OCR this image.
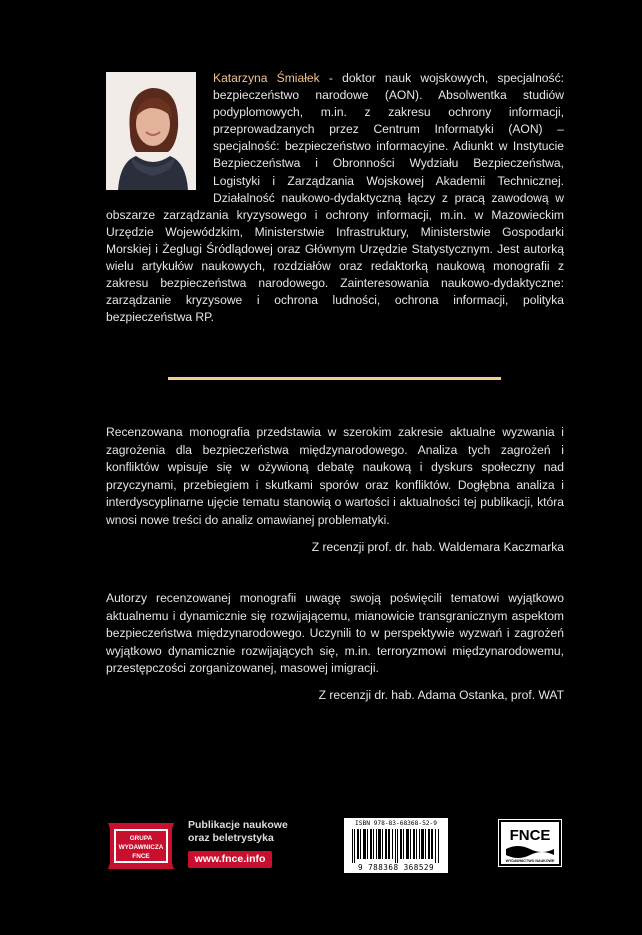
Katarzyna Śmiałek - doktor nauk wojskowych, specjalność: bezpieczeństwo narodowe (AON). Absolwentka studiów podyplomowych, m.in. z zakresu ochrony informacji, przeprowadzanych przez Centrum Informatyki (AON) – specjalność: bezpieczeństwo informacyjne. Adiunkt w Instytucie Bezpieczeństwa i Obronności Wydziału Bezpieczeństwa, Logistyki i Zarządzania Wojskowej Akademii Technicznej. Działalność naukowo-dydaktyczną łączy z pracą zawodową w obszarze zarządzania kryzysowego i ochrony informacji, m.in. w Mazowieckim Urzędzie Wojewódzkim, Ministerstwie Infrastruktury, Ministerstwie Gospodarki Morskiej i Żeglugi Śródlądowej oraz Głównym Urzędzie Statystycznym. Jest autorką wielu artykułów naukowych, rozdziałów oraz redaktorką naukową monografii z zakresu bezpieczeństwa narodowego. Zainteresowania naukowo-dydaktyczne: zarządzanie kryzysowe i ochrona ludności, ochrona informacji, polityka bezpieczeństwa RP.
Recenzowana monografia przedstawia w szerokim zakresie aktualne wyzwania i zagrożenia dla bezpieczeństwa międzynarodowego. Analiza tych zagrożeń i konfliktów wpisuje się w ożywioną debatę naukową i dyskurs społeczny nad przyczynami, przebiegiem i skutkami sporów oraz konfliktów. Dogłębna analiza i interdyscyplinarne ujęcie tematu stanowią o wartości i aktualności tej publikacji, która wnosi nowe treści do analiz omawianej problematyki.
Z recenzji prof. dr. hab. Waldemara Kaczmarka
Autorzy recenzowanej monografii uwagę swoją poświęcili tematowi wyjątkowo aktualnemu i dynamicznie się rozwijającemu, mianowicie transgranicznym aspektom bezpieczeństwa międzynarodowego. Uczynili to w perspektywie wyzwań i zagrożeń wyjątkowo dynamicznie rozwijających się, m.in. terroryzmowi międzynarodowemu, przestępczości zorganizowanej, masowej imigracji.
Z recenzji dr. hab. Adama Ostanka, prof. WAT
GRUPA
WYDAWNICZA
FNCE
Publikacje naukowe
oraz beletrystyka
www.fnce.info
ISBN 978-83-68368-52-9
9 788368 368529
FNCE
WYDAWNICTWO NAUKOWE
